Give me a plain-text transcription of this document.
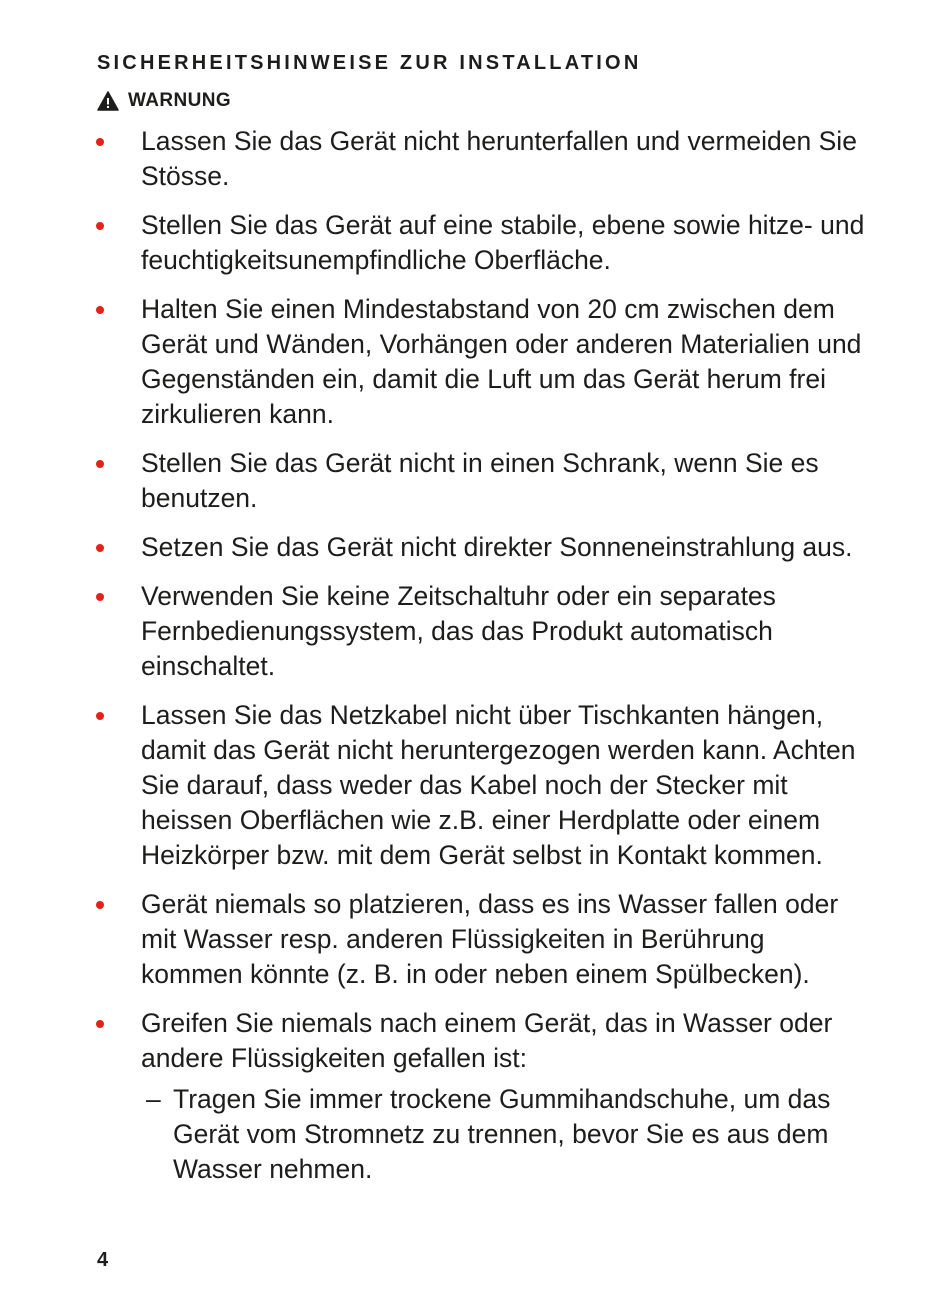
SICHERHEITSHINWEISE ZUR INSTALLATION
WARNUNG
Lassen Sie das Gerät nicht herunterfallen und vermeiden Sie Stösse.
Stellen Sie das Gerät auf eine stabile, ebene sowie hitze- und feuchtigkeitsunempfindliche Oberfläche.
Halten Sie einen Mindestabstand von 20 cm zwischen dem Gerät und Wänden, Vorhängen oder anderen Materialien und Gegenständen ein, damit die Luft um das Gerät herum frei zirkulieren kann.
Stellen Sie das Gerät nicht in einen Schrank, wenn Sie es benutzen.
Setzen Sie das Gerät nicht direkter Sonneneinstrahlung aus.
Verwenden Sie keine Zeitschaltuhr oder ein separates Fernbedienungssystem, das das Produkt automatisch einschaltet.
Lassen Sie das Netzkabel nicht über Tischkanten hängen, damit das Gerät nicht heruntergezogen werden kann. Achten Sie darauf, dass weder das Kabel noch der Stecker mit heissen Oberflächen wie z.B. einer Herdplatte oder einem Heizkörper bzw. mit dem Gerät selbst in Kontakt kommen.
Gerät niemals so platzieren, dass es ins Wasser fallen oder mit Wasser resp. anderen Flüssigkeiten in Berührung kommen könnte (z. B. in oder neben einem Spülbecken).
Greifen Sie niemals nach einem Gerät, das in Wasser oder andere Flüssigkeiten gefallen ist:
– Tragen Sie immer trockene Gummihandschuhe, um das Gerät vom Stromnetz zu trennen, bevor Sie es aus dem Wasser nehmen.
4
